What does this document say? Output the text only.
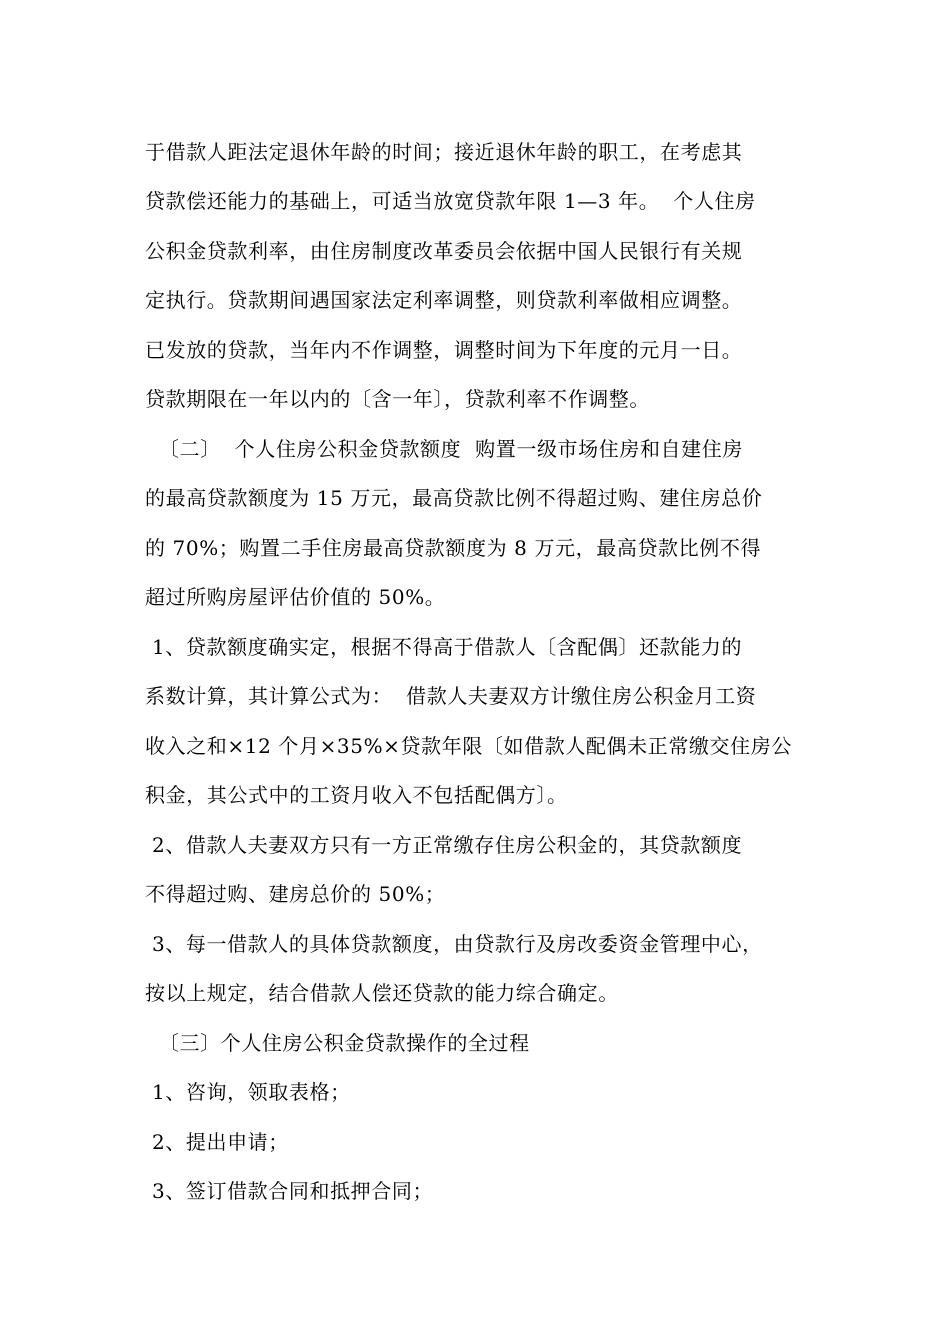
于借款人距法定退休年龄的时间；接近退休年龄的职工，在考虑其
贷款偿还能力的基础上，可适当放宽贷款年限 1—3 年。  个人住房
公积金贷款利率，由住房制度改革委员会依据中国人民银行有关规
定执行。贷款期间遇国家法定利率调整，则贷款利率做相应调整。
已发放的贷款，当年内不作调整，调整时间为下年度的元月一日。
贷款期限在一年以内的〔含一年〕，贷款利率不作调整。
〔二〕  个人住房公积金贷款额度  购置一级市场住房和自建住房
的最高贷款额度为 15 万元，最高贷款比例不得超过购、建住房总价
的 70%；购置二手住房最高贷款额度为 8 万元，最高贷款比例不得
超过所购房屋评估价值的 50%。
1、贷款额度确实定，根据不得高于借款人〔含配偶〕还款能力的
系数计算，其计算公式为：  借款人夫妻双方计缴住房公积金月工资
收入之和×12 个月×35%×贷款年限〔如借款人配偶未正常缴交住房公
积金，其公式中的工资月收入不包括配偶方〕。
2、借款人夫妻双方只有一方正常缴存住房公积金的，其贷款额度
不得超过购、建房总价的 50%；
3、每一借款人的具体贷款额度，由贷款行及房改委资金管理中心，
按以上规定，结合借款人偿还贷款的能力综合确定。
〔三〕个人住房公积金贷款操作的全过程
1、咨询，领取表格；
2、提出申请；
3、签订借款合同和抵押合同；
